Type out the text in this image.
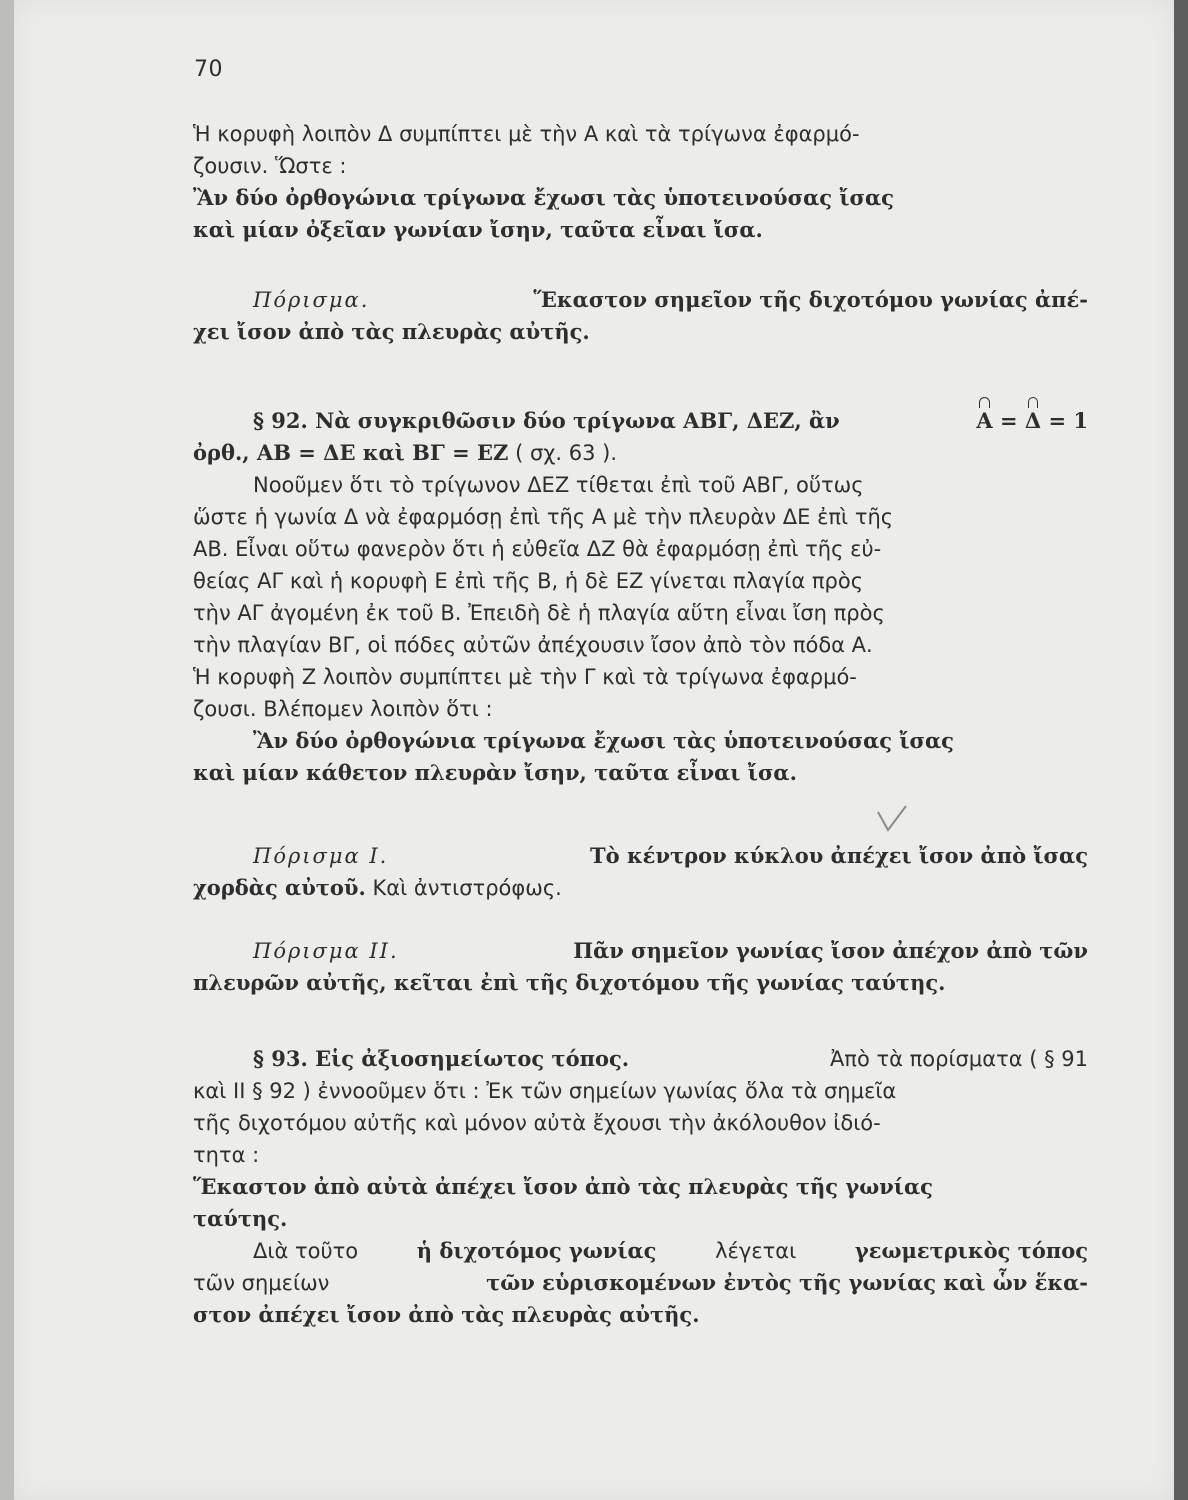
70
Ἡ κορυφὴ λοιπὸν Δ συμπίπτει μὲ τὴν Α καὶ τὰ τρίγωνα ἐφαρμό-
ζουσιν. Ὥστε :
Ἂν δύο ὀρθογώνια τρίγωνα ἔχωσι τὰς ὑποτεινούσας ἴσας
καὶ μίαν ὀξεῖαν γωνίαν ἴσην, ταῦτα εἶναι ἴσα.
Πόρισμα.	Ἕκαστον σημεῖον τῆς διχοτόμου γωνίας ἀπέ-
χει ἴσον ἀπὸ τὰς πλευρὰς αὐτῆς.
§ 92. Νὰ συγκριθῶσιν δύο τρίγωνα ΑΒΓ, ΔΕΖ, ἂν	Α = Δ = 1
ὀρθ., ΑΒ = ΔΕ καὶ ΒΓ = ΕΖ ( σχ. 63 ).
Νοοῦμεν ὅτι τὸ τρίγωνον ΔΕΖ τίθεται ἐπὶ τοῦ ΑΒΓ, οὕτως
ὥστε ἡ γωνία Δ νὰ ἐφαρμόσῃ ἐπὶ τῆς Α μὲ τὴν πλευρὰν ΔΕ ἐπὶ τῆς
ΑΒ. Εἶναι οὕτω φανερὸν ὅτι ἡ εὐθεῖα ΔΖ θὰ ἐφαρμόσῃ ἐπὶ τῆς εὐ-
θείας ΑΓ καὶ ἡ κορυφὴ Ε ἐπὶ τῆς Β, ἡ δὲ ΕΖ γίνεται πλαγία πρὸς
τὴν ΑΓ ἀγομένη ἐκ τοῦ Β. Ἐπειδὴ δὲ ἡ πλαγία αὕτη εἶναι ἴση πρὸς
τὴν πλαγίαν ΒΓ, οἱ πόδες αὐτῶν ἀπέχουσιν ἴσον ἀπὸ τὸν πόδα Α.
Ἡ κορυφὴ Ζ λοιπὸν συμπίπτει μὲ τὴν Γ καὶ τὰ τρίγωνα ἐφαρμό-
ζουσι. Βλέπομεν λοιπὸν ὅτι :
Ἂν δύο ὀρθογώνια τρίγωνα ἔχωσι τὰς ὑποτεινούσας ἴσας
καὶ μίαν κάθετον πλευρὰν ἴσην, ταῦτα εἶναι ἴσα.
Πόρισμα Ι.	Τὸ κέντρον κύκλου ἀπέχει ἴσον ἀπὸ ἴσας
χορδὰς αὐτοῦ. Καὶ ἀντιστρόφως.
Πόρισμα ΙΙ.	Πᾶν σημεῖον γωνίας ἴσον ἀπέχον ἀπὸ τῶν
πλευρῶν αὐτῆς, κεῖται ἐπὶ τῆς διχοτόμου τῆς γωνίας ταύτης.
§ 93. Εἱς ἀξιοσημείωτος τόπος.	Ἀπὸ τὰ πορίσματα ( § 91
καὶ ΙΙ § 92 ) ἐννοοῦμεν ὅτι : Ἐκ τῶν σημείων γωνίας ὅλα τὰ σημεῖα
τῆς διχοτόμου αὐτῆς καὶ μόνον αὐτὰ ἔχουσι τὴν ἀκόλουθον ἰδιό-
τητα :
Ἕκαστον ἀπὸ αὐτὰ ἀπέχει ἴσον ἀπὸ τὰς πλευρὰς τῆς γωνίας
ταύτης.
Διὰ τοῦτο	ἡ διχοτόμος γωνίας	λέγεται	γεωμετρικὸς τόπος
τῶν σημείων	τῶν εὑρισκομένων ἐντὸς τῆς γωνίας καὶ ὧν ἕκα-
στον ἀπέχει ἴσον ἀπὸ τὰς πλευρὰς αὐτῆς.
